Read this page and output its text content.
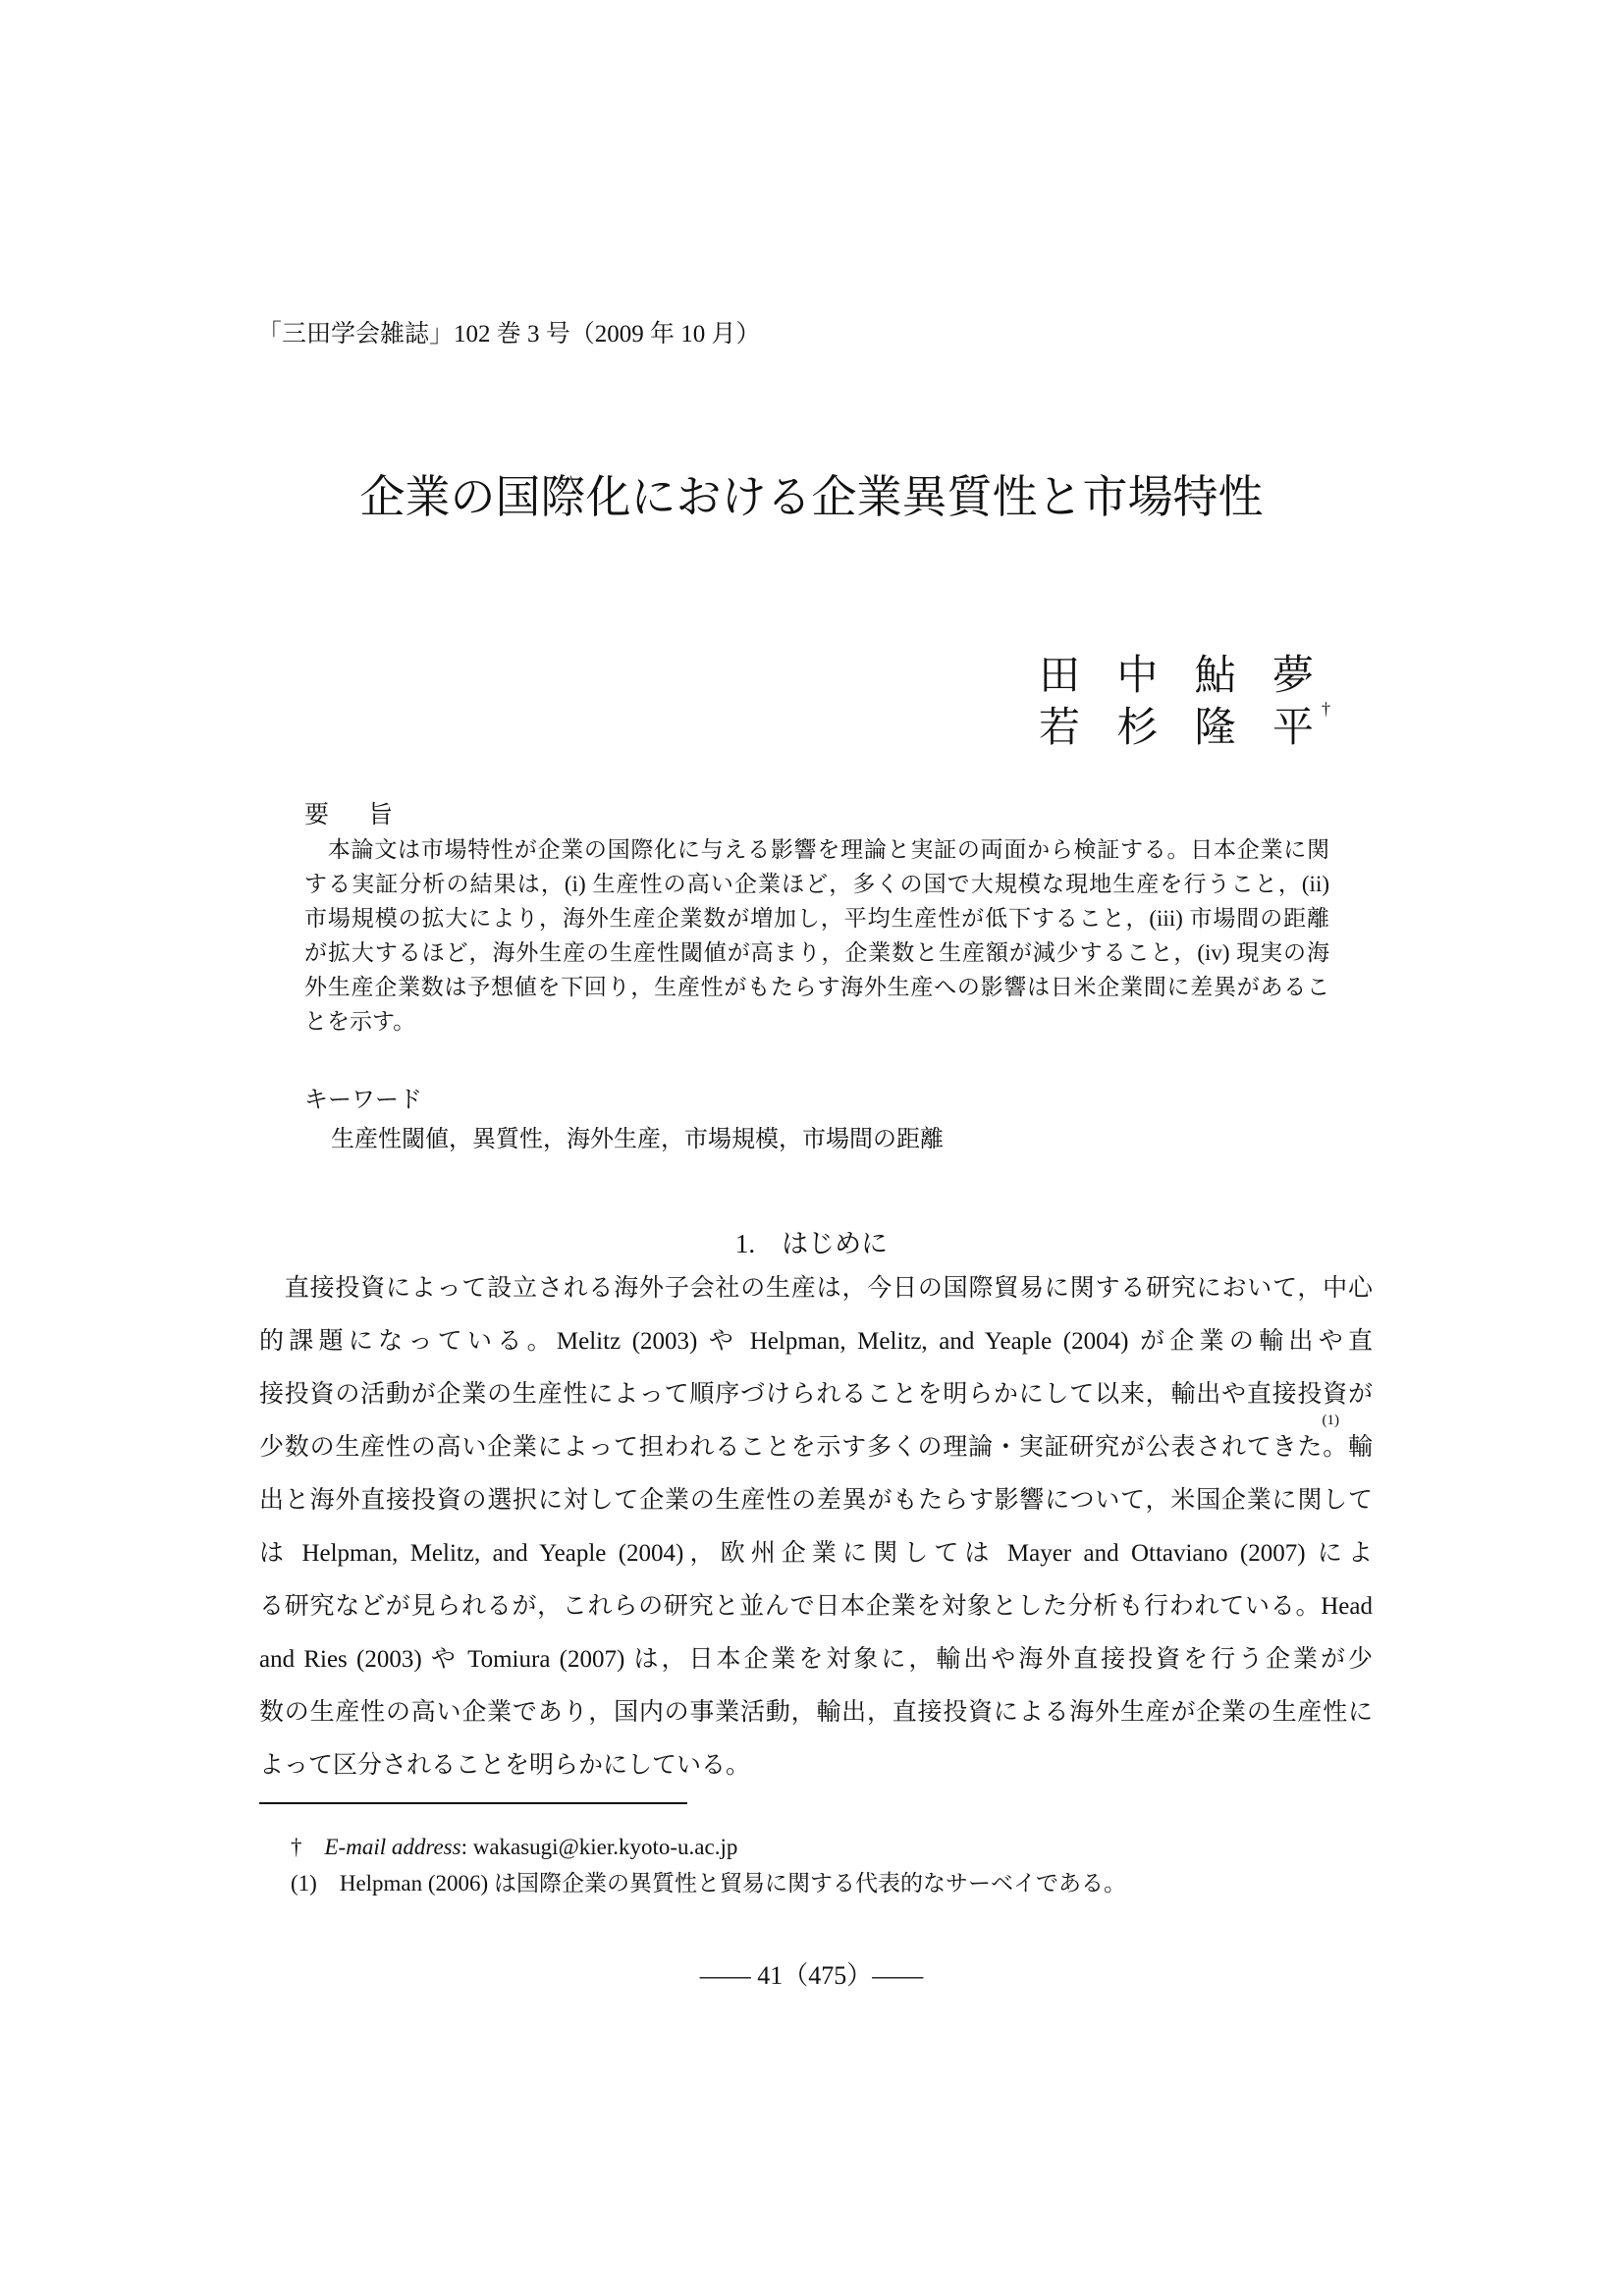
「三田学会雑誌」102 巻 3 号（2009 年 10 月）
企業の国際化における企業異質性と市場特性
田 中 鮎 夢
若 杉 隆 平 †
要旨
　本論文は市場特性が企業の国際化に与える影響を理論と実証の両面から検証する。日本企業に関
する実証分析の結果は，(i) 生産性の高い企業ほど，多くの国で大規模な現地生産を行うこと，(ii)
市場規模の拡大により，海外生産企業数が増加し，平均生産性が低下すること，(iii) 市場間の距離
が拡大するほど，海外生産の生産性閾値が高まり，企業数と生産額が減少すること，(iv) 現実の海
外生産企業数は予想値を下回り，生産性がもたらす海外生産への影響は日米企業間に差異があるこ
とを示す。
キーワード
生産性閾値，異質性，海外生産，市場規模，市場間の距離
1.　はじめに
　直接投資によって設立される海外子会社の生産は，今日の国際貿易に関する研究において，中心
的課題になっている。Melitz (2003) や Helpman, Melitz, and Yeaple (2004) が企業の輸出や直
接投資の活動が企業の生産性によって順序づけられることを明らかにして以来，輸出や直接投資が
少数の生産性の高い企業によって担われることを示す多くの理論・実証研究が公表されてきた。輸
(1)
出と海外直接投資の選択に対して企業の生産性の差異がもたらす影響について，米国企業に関して
は Helpman, Melitz, and Yeaple (2004)，欧州企業に関しては Mayer and Ottaviano (2007) によ
る研究などが見られるが，これらの研究と並んで日本企業を対象とした分析も行われている。Head
and Ries (2003) や Tomiura (2007) は，日本企業を対象に，輸出や海外直接投資を行う企業が少
数の生産性の高い企業であり，国内の事業活動，輸出，直接投資による海外生産が企業の生産性に
よって区分されることを明らかにしている。
† E-mail address: wakasugi@kier.kyoto-u.ac.jp
(1) Helpman (2006) は国際企業の異質性と貿易に関する代表的なサーベイである。
―― 41（475）――
